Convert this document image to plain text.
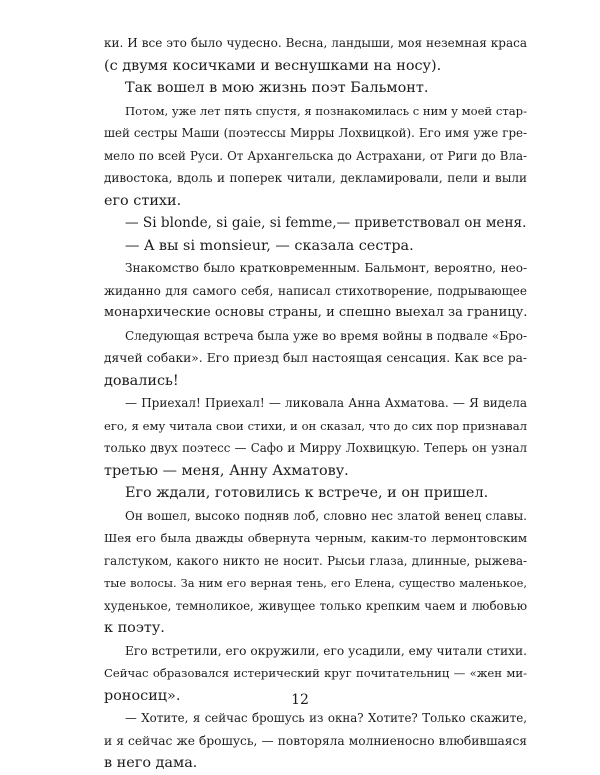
ки. И все это было чудесно. Весна, ландыши, моя неземная краса
(с двумя косичками и веснушками на носу).
Так вошел в мою жизнь поэт Бальмонт.
Потом, уже лет пять спустя, я познакомилась с ним у моей стар-
шей сестры Маши (поэтессы Мирры Лохвицкой). Его имя уже гре-
мело по всей Руси. От Архангельска до Астрахани, от Риги до Вла-
дивостока, вдоль и поперек читали, декламировали, пели и выли
его стихи.
— Si blonde, si gaie, si femme,— приветствовал он меня.
— A вы si monsieur, — сказала сестра.
Знакомство было кратковременным. Бальмонт, вероятно, нео-
жиданно для самого себя, написал стихотворение, подрывающее
монархические основы страны, и спешно выехал за границу.
Следующая встреча была уже во время войны в подвале «Бро-
дячей собаки». Его приезд был настоящая сенсация. Как все ра-
довались!
— Приехал! Приехал! — ликовала Анна Ахматова. — Я видела
его, я ему читала свои стихи, и он сказал, что до сих пор признавал
только двух поэтесс — Сафо и Мирру Лохвицкую. Теперь он узнал
третью — меня, Анну Ахматову.
Его ждали, готовились к встрече, и он пришел.
Он вошел, высоко подняв лоб, словно нес златой венец славы.
Шея его была дважды обвернута черным, каким-то лермонтовским
галстуком, какого никто не носит. Рысьи глаза, длинные, рыжева-
тые волосы. За ним его верная тень, его Елена, существо маленькое,
худенькое, темноликое, живущее только крепким чаем и любовью
к поэту.
Его встретили, его окружили, его усадили, ему читали стихи.
Сейчас образовался истерический круг почитательниц — «жен ми-
роносиц».
— Хотите, я сейчас брошусь из окна? Хотите? Только скажите,
и я сейчас же брошусь, — повторяла молниеносно влюбившаяся
в него дама.
12
